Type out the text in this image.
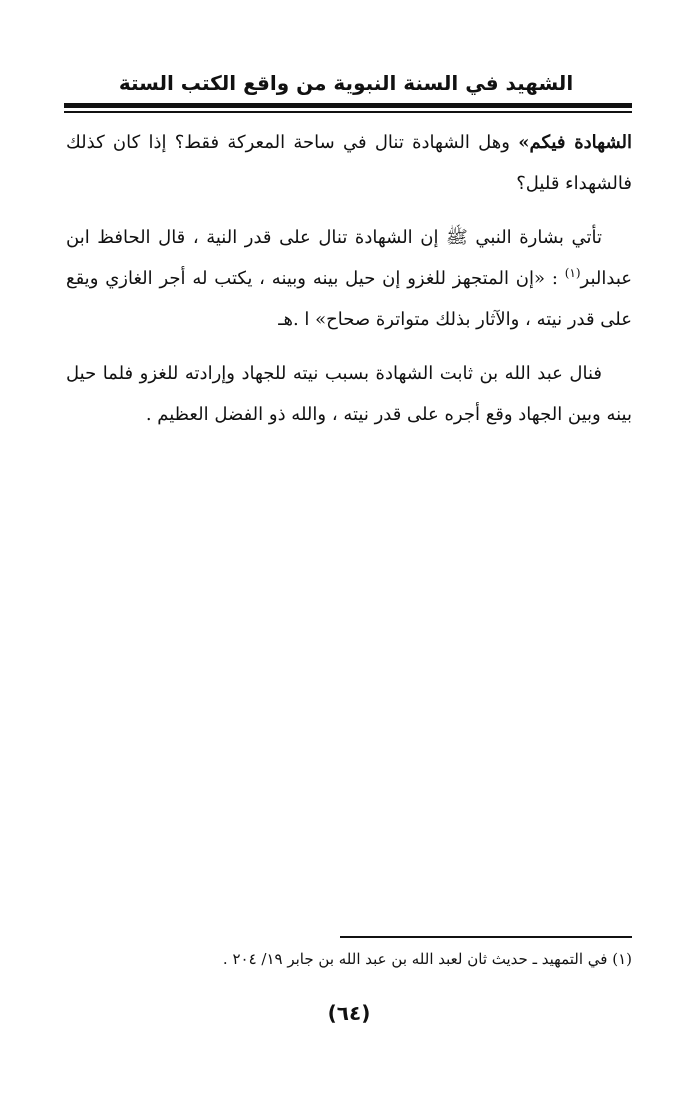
الشهيد في السنة النبوية من واقع الكتب الستة

الشهادة فيكم» وهل الشهادة تنال في ساحة المعركة فقط؟ إذا كان كذلك فالشهداء قليل؟

تأتي بشارة النبي ﷺ إن الشهادة تنال على قدر النية ، قال الحافظ ابن عبدالبر$^{(١)}$ : «إن المتجهز للغزو إن حيل بينه وبينه ، يكتب له أجر الغازي ويقع على قدر نيته ، والآثار بذلك متواترة صحاح» ا .هـ

فنال عبد الله بن ثابت الشهادة بسبب نيته للجهاد وإرادته للغزو فلما حيل بينه وبين الجهاد وقع أجره على قدر نيته ، والله ذو الفضل العظيم .

(١) في التمهيد ـ حديث ثان لعبد الله بن عبد الله بن جابر ١٩/ ٢٠٤ .
(٦٤)
